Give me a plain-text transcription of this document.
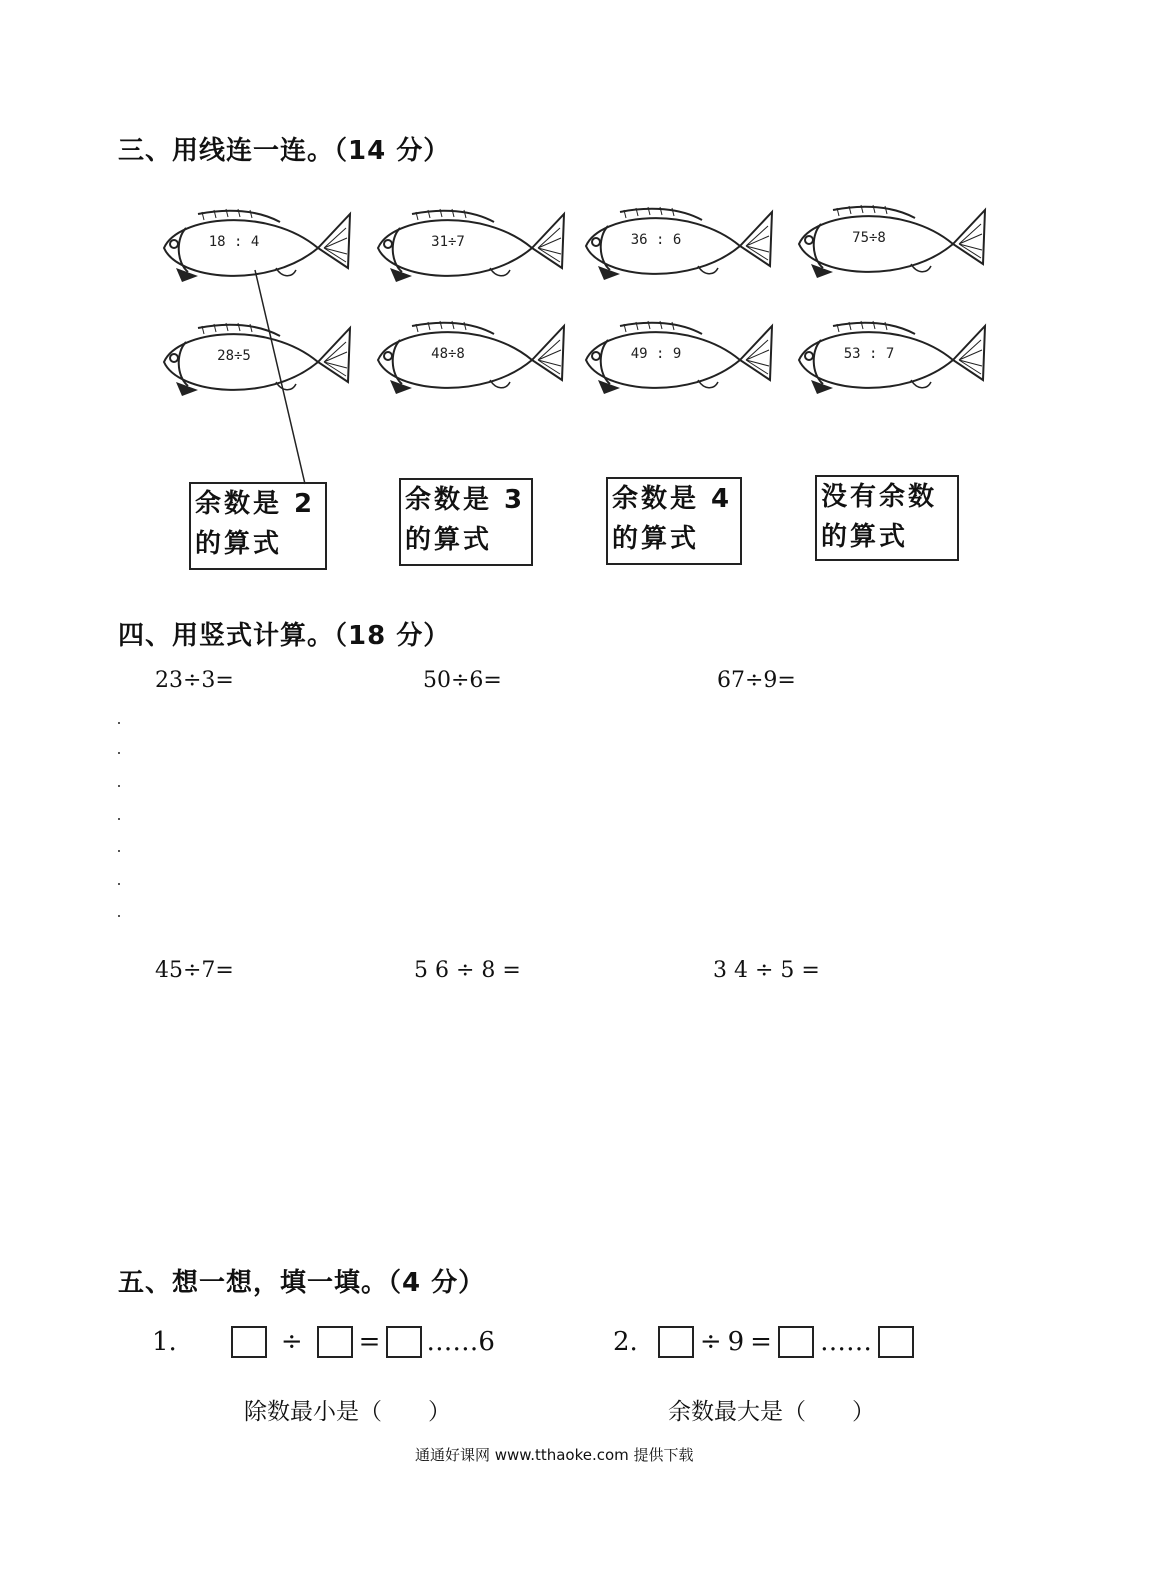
三、用线连一连。（14 分）
18 : 4	31÷7	36 : 6	75÷8
28÷5	48÷8	49 : 9	53 : 7
余数是 2
的算式
余数是 3
的算式
余数是 4
的算式
没有余数
的算式
四、用竖式计算。（18 分）
23÷3=	50÷6=	67÷9=
45÷7=	5 6 ÷ 8 =	3 4 ÷ 5 =
五、想一想，填一填。（4 分）
1.	÷ = …… 6	2. ÷ 9 = ……
除数最小是（　　）	余数最大是（　　）
通通好课网 www.tthaoke.com 提供下载
